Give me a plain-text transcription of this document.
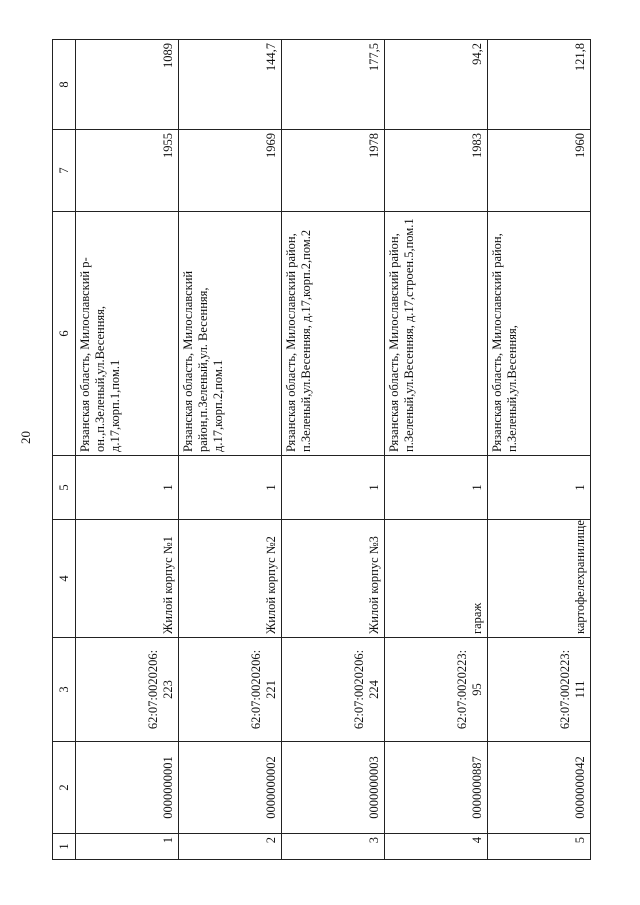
20
1	2	3	4	5	6	7	8
1	0000000001	62:07:0020206: 223	Жилой корпус №1	1	Рязанская область, Милославский р-он.,п.Зеленый,ул.Весенняя, д.17,корп.1,пом.1	1955	1089
2	0000000002	62:07:0020206: 221	Жилой корпус №2	1	Рязанская область, Милославский район,п.Зеленый,ул. Весенняя, д.17,корп.2,пом.1	1969	144,7
3	0000000003	62:07:0020206: 224	Жилой корпус №3	1	Рязанская область, Милославский район, п.Зеленый,ул.Весенняя, д.17,корп.2,пом.2	1978	177,5
4	0000000887	62:07:0020223: 95	гараж	1	Рязанская область, Милославский район, п.Зеленый,ул.Весенняя, д.17,строен.5,пом.1	1983	94,2
5	0000000042	62:07:0020223: 111	картофелехранилище	1	Рязанская область, Милославский район, п.Зеленый,ул.Весенняя,	1960	121,8
